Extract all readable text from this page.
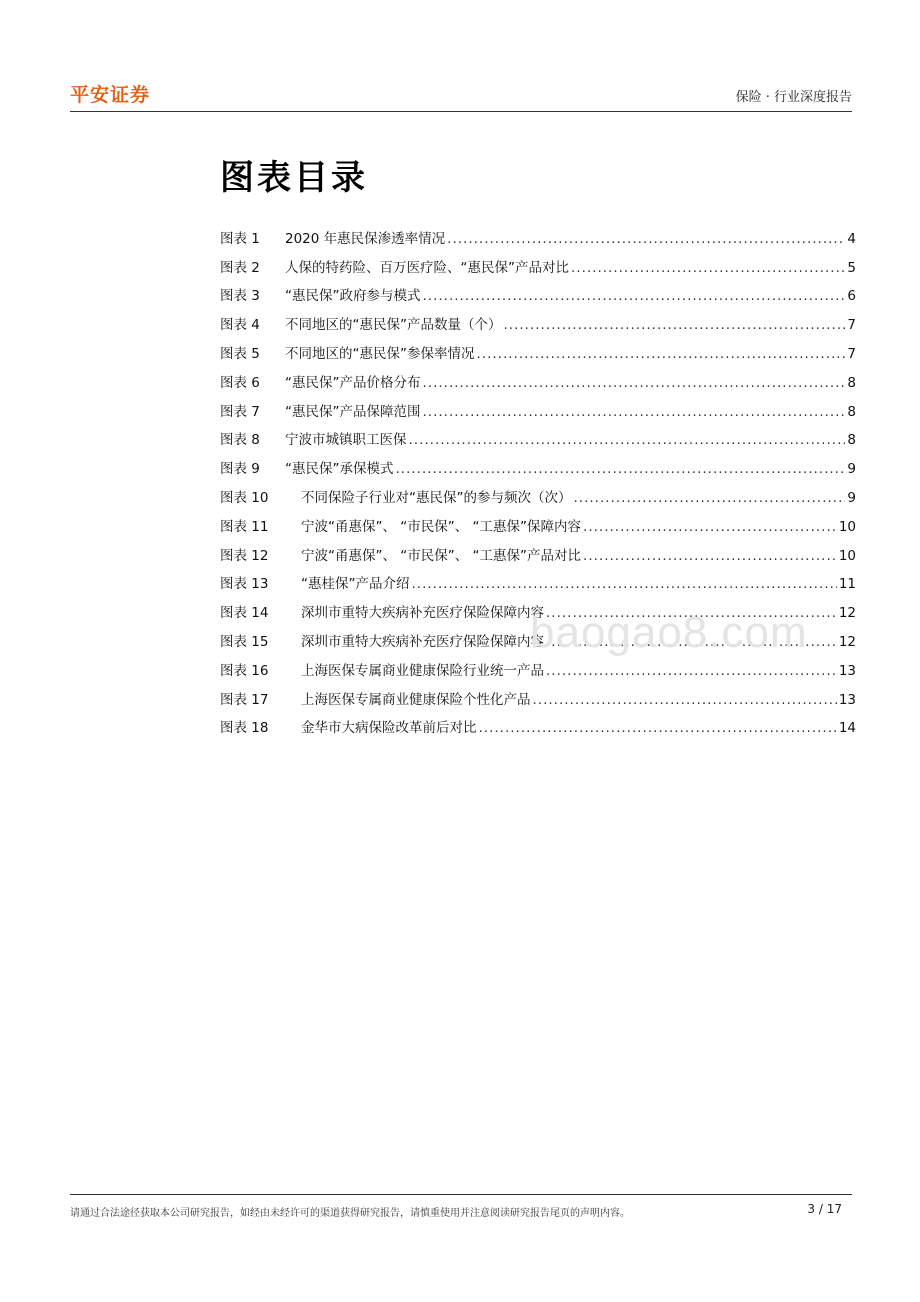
平安证券	保险 · 行业深度报告
图表目录
图表 1	2020 年惠民保渗透率情况 .....	4
图表 2	人保的特药险、百万医疗险、“惠民保”产品对比 .....	5
图表 3	“惠民保”政府参与模式 .....	6
图表 4	不同地区的“惠民保”产品数量（个） .....	7
图表 5	不同地区的“惠民保”参保率情况 .....	7
图表 6	“惠民保”产品价格分布 .....	8
图表 7	“惠民保”产品保障范围 .....	8
图表 8	宁波市城镇职工医保 .....	8
图表 9	“惠民保”承保模式 .....	9
图表 10	不同保险子行业对“惠民保”的参与频次（次） .....	9
图表 11	宁波“甬惠保”、 “市民保”、 “工惠保”保障内容 .....	10
图表 12	宁波“甬惠保”、 “市民保”、 “工惠保”产品对比 .....	10
图表 13	“惠桂保”产品介绍 .....	11
图表 14	深圳市重特大疾病补充医疗保险保障内容 .....	12
图表 15	深圳市重特大疾病补充医疗保险保障内容 .....	12
图表 16	上海医保专属商业健康保险行业统一产品 .....	13
图表 17	上海医保专属商业健康保险个性化产品 .....	13
图表 18	金华市大病保险改革前后对比 .....	14
baogao8.com
请通过合法途径获取本公司研究报告，如经由未经许可的渠道获得研究报告，请慎重使用并注意阅读研究报告尾页的声明内容。	3 / 17
